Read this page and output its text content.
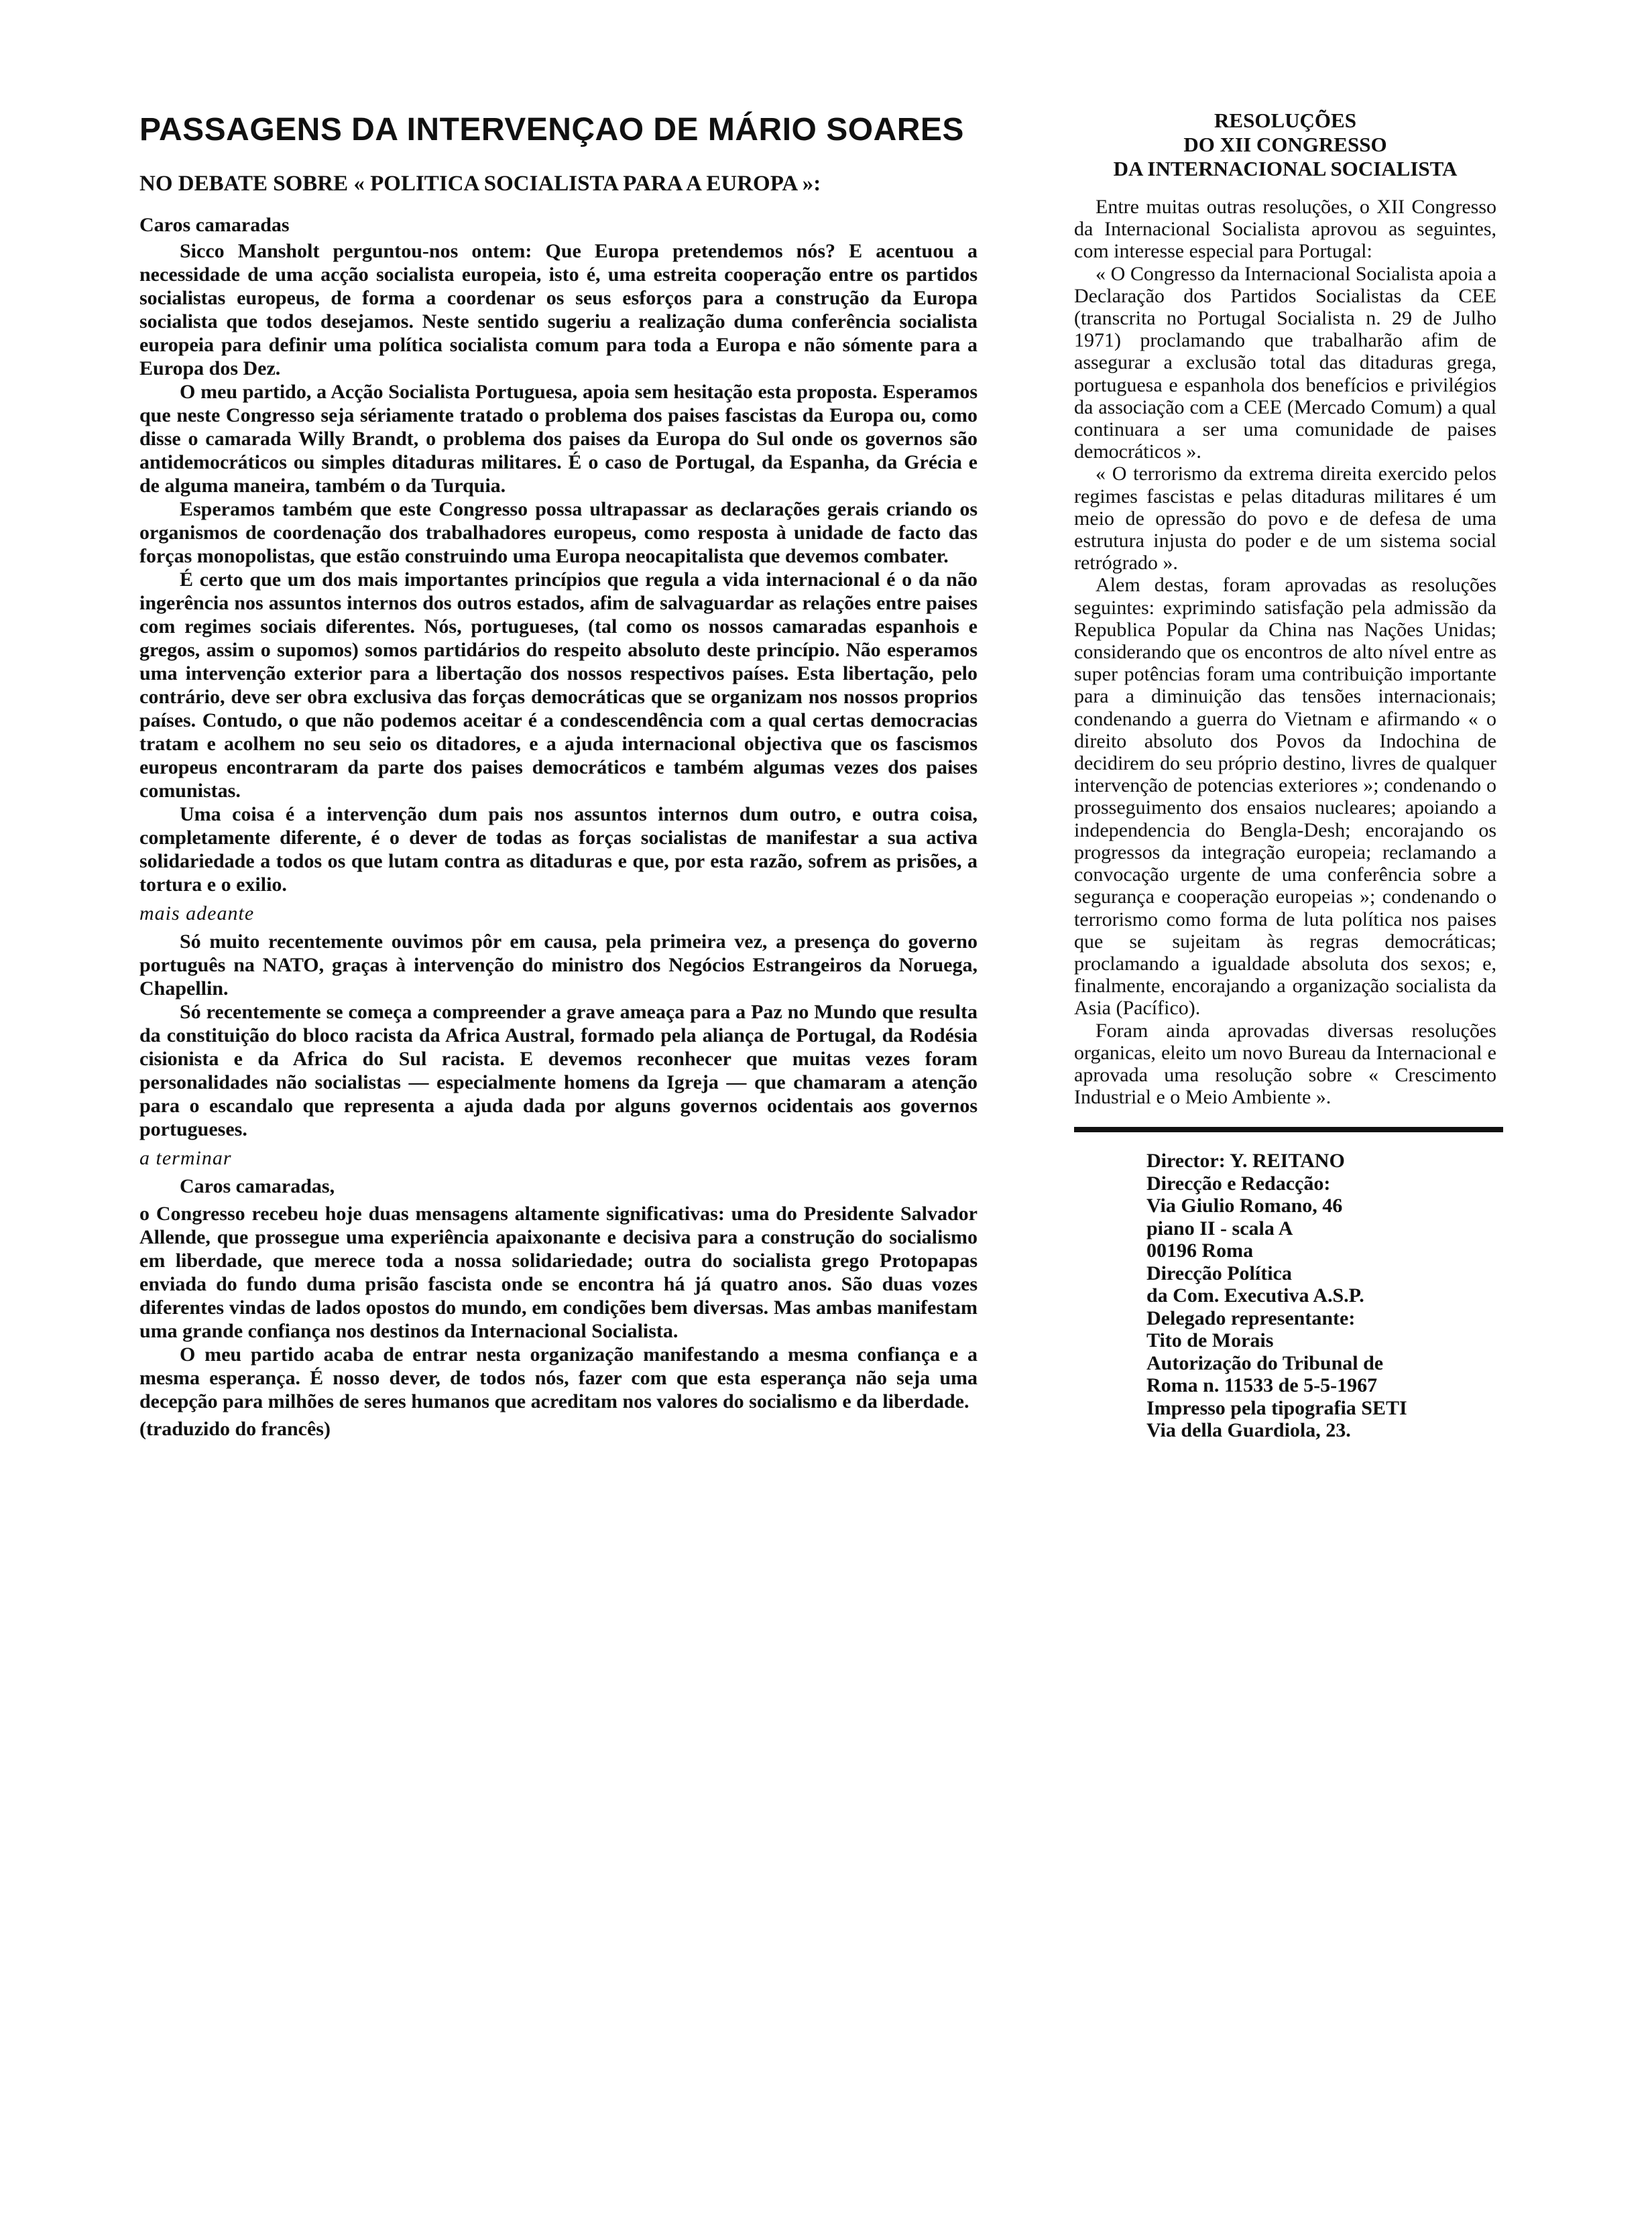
PASSAGENS DA INTERVENÇAO DE MÁRIO SOARES
NO DEBATE SOBRE « POLITICA SOCIALISTA PARA A EUROPA »:
Caros camaradas

Sicco Mansholt perguntou-nos ontem: Que Europa pretendemos nós? E acentuou a necessidade de uma acção socialista europeia, isto é, uma estreita cooperação entre os partidos socialistas europeus, de forma a coordenar os seus esforços para a construção da Europa socialista que todos desejamos. Neste sentido sugeriu a realização duma conferência socialista europeia para definir uma política socialista comum para toda a Europa e não sómente para a Europa dos Dez.

O meu partido, a Acção Socialista Portuguesa, apoia sem hesitação esta proposta. Esperamos que neste Congresso seja sériamente tratado o problema dos paises fascistas da Europa ou, como disse o camarada Willy Brandt, o problema dos paises da Europa do Sul onde os governos são antidemocráticos ou simples ditaduras militares. É o caso de Portugal, da Espanha, da Grécia e de alguma maneira, também o da Turquia.

Esperamos também que este Congresso possa ultrapassar as declarações gerais criando os organismos de coordenação dos trabalhadores europeus, como resposta à unidade de facto das forças monopolistas, que estão construindo uma Europa neocapitalista que devemos combater.

É certo que um dos mais importantes princípios que regula a vida internacional é o da não ingerência nos assuntos internos dos outros estados, afim de salvaguardar as relações entre paises com regimes sociais diferentes. Nós, portugueses, (tal como os nossos camaradas espanhois e gregos, assim o supomos) somos partidários do respeito absoluto deste princípio. Não esperamos uma intervenção exterior para a libertação dos nossos respectivos países. Esta libertação, pelo contrário, deve ser obra exclusiva das forças democráticas que se organizam nos nossos proprios países. Contudo, o que não podemos aceitar é a condescendência com a qual certas democracias tratam e acolhem no seu seio os ditadores, e a ajuda internacional objectiva que os fascismos europeus encontraram da parte dos paises democráticos e também algumas vezes dos paises comunistas.

Uma coisa é a intervenção dum pais nos assuntos internos dum outro, e outra coisa, completamente diferente, é o dever de todas as forças socialistas de manifestar a sua activa solidariedade a todos os que lutam contra as ditaduras e que, por esta razão, sofrem as prisões, a tortura e o exilio.

mais adeante

Só muito recentemente ouvimos pôr em causa, pela primeira vez, a presença do governo português na NATO, graças à intervenção do ministro dos Negócios Estrangeiros da Noruega, Chapellin.

Só recentemente se começa a compreender a grave ameaça para a Paz no Mundo que resulta da constituição do bloco racista da Africa Austral, formado pela aliança de Portugal, da Rodésia cisionista e da Africa do Sul racista. E devemos reconhecer que muitas vezes foram personalidades não socialistas — especialmente homens da Igreja — que chamaram a atenção para o escandalo que representa a ajuda dada por alguns governos ocidentais aos governos portugueses.

a terminar
Caros camaradas,

o Congresso recebeu hoje duas mensagens altamente significativas: uma do Presidente Salvador Allende, que prossegue uma experiência apaixonante e decisiva para a construção do socialismo em liberdade, que merece toda a nossa solidariedade; outra do socialista grego Protopapas enviada do fundo duma prisão fascista onde se encontra há já quatro anos. São duas vozes diferentes vindas de lados opostos do mundo, em condições bem diversas. Mas ambas manifestam uma grande confiança nos destinos da Internacional Socialista.

O meu partido acaba de entrar nesta organização manifestando a mesma confiança e a mesma esperança. É nosso dever, de todos nós, fazer com que esta esperança não seja uma decepção para milhões de seres humanos que acreditam nos valores do socialismo e da liberdade.

(traduzido do francês)
RESOLUÇÕES
DO XII CONGRESSO
DA INTERNACIONAL SOCIALISTA

Entre muitas outras resoluções, o XII Congresso da Internacional Socialista aprovou as seguintes, com interesse especial para Portugal:

« O Congresso da Internacional Socialista apoia a Declaração dos Partidos Socialistas da CEE (transcrita no Portugal Socialista n. 29 de Julho 1971) proclamando que trabalharão afim de assegurar a exclusão total das ditaduras grega, portuguesa e espanhola dos benefícios e privilégios da associação com a CEE (Mercado Comum) a qual continuara a ser uma comunidade de paises democráticos ».

« O terrorismo da extrema direita exercido pelos regimes fascistas e pelas ditaduras militares é um meio de opressão do povo e de defesa de uma estrutura injusta do poder e de um sistema social retrógrado ».

Alem destas, foram aprovadas as resoluções seguintes: exprimindo satisfação pela admissão da Republica Popular da China nas Nações Unidas; considerando que os encontros de alto nível entre as super potências foram uma contribuição importante para a diminuição das tensões internacionais; condenando a guerra do Vietnam e afirmando « o direito absoluto dos Povos da Indochina de decidirem do seu próprio destino, livres de qualquer intervenção de potencias exteriores »; condenando o prosseguimento dos ensaios nucleares; apoiando a independencia do Bengla-Desh; encorajando os progressos da integração europeia; reclamando a convocação urgente de uma conferência sobre a segurança e cooperação europeias »; condenando o terrorismo como forma de luta política nos paises que se sujeitam às regras democráticas; proclamando a igualdade absoluta dos sexos; e, finalmente, encorajando a organização socialista da Asia (Pacífico).

Foram ainda aprovadas diversas resoluções organicas, eleito um novo Bureau da Internacional e aprovada uma resolução sobre « Crescimento Industrial e o Meio Ambiente ».

Director: Y. REITANO
Direcção e Redacção:
Via Giulio Romano, 46
piano II - scala A
00196 Roma
Direcção Política
da Com. Executiva A.S.P.
Delegado representante:
Tito de Morais
Autorização do Tribunal de
Roma n. 11533 de 5-5-1967
Impresso pela tipografia SETI
Via della Guardiola, 23.
